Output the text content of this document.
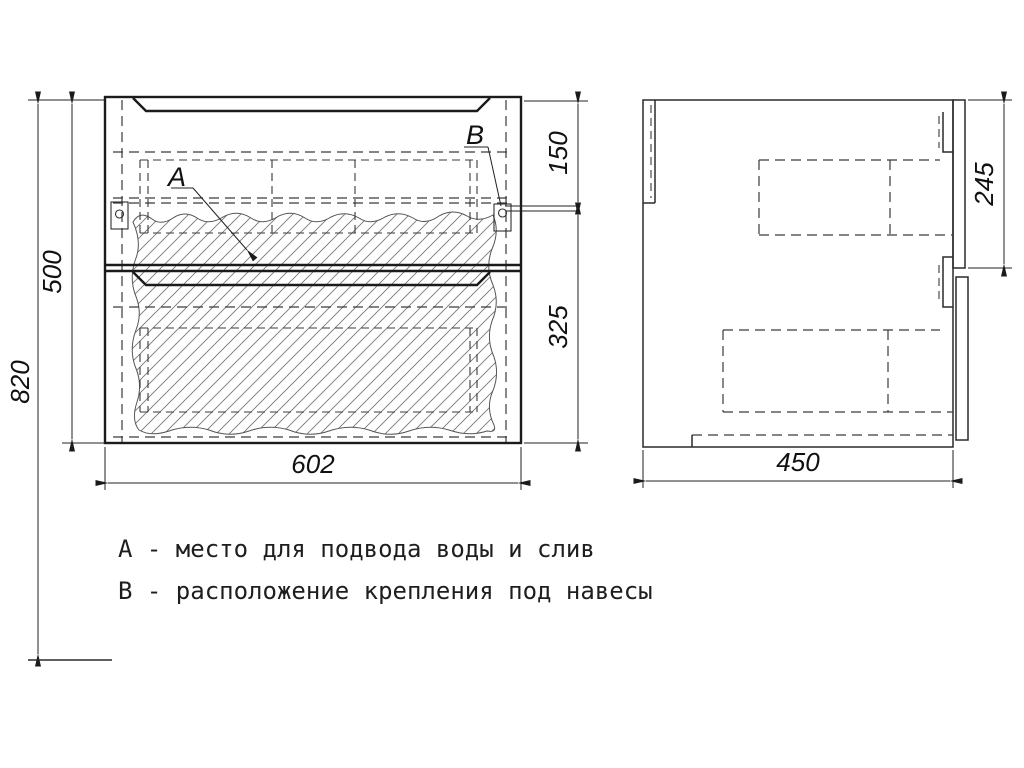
А
В
820
500
602
150
325
450
245
А - место для подвода воды и слив
В - расположение крепления под навесы
